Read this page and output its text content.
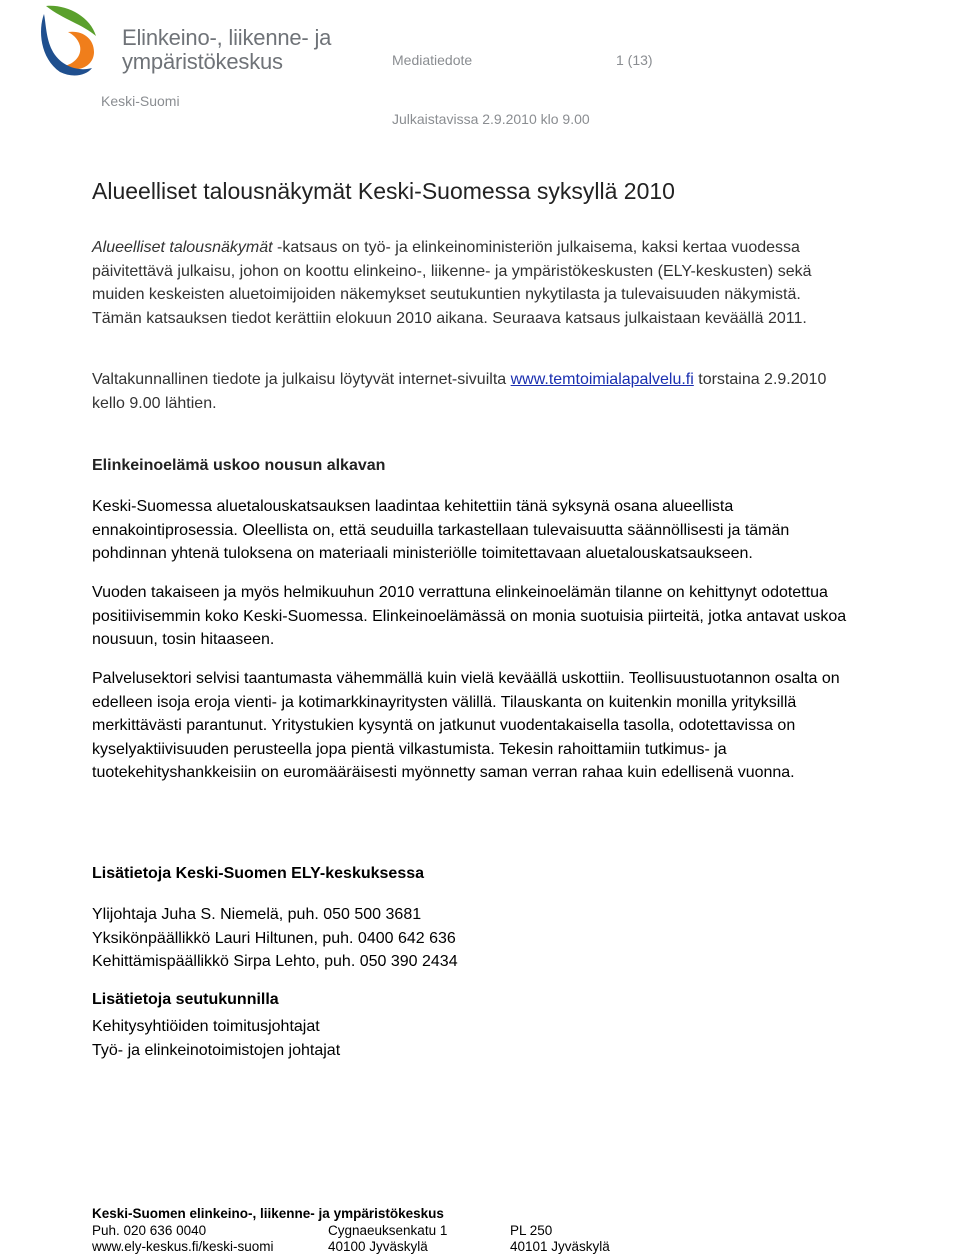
Elinkeino-, liikenne- ja
ympäristökeskus	Mediatiedote	1 (13)
Keski-Suomi
Julkaistavissa 2.9.2010 klo 9.00
Alueelliset talousnäkymät Keski-Suomessa syksyllä 2010

Alueelliset talousnäkymät -katsaus on työ- ja elinkeinoministeriön julkaisema, kaksi kertaa vuodessa päivitettävä julkaisu, johon on koottu elinkeino-, liikenne- ja ympäristökeskusten (ELY-keskusten) sekä muiden keskeisten aluetoimijoiden näkemykset seutukuntien nykytilasta ja tulevaisuuden näkymistä. Tämän katsauksen tiedot kerättiin elokuun 2010 aikana. Seuraava katsaus julkaistaan keväällä 2011.

Valtakunnallinen tiedote ja julkaisu löytyvät internet-sivuilta www.temtoimialapalvelu.fi torstaina 2.9.2010 kello 9.00 lähtien.

Elinkeinoelämä uskoo nousun alkavan

Keski-Suomessa aluetalouskatsauksen laadintaa kehitettiin tänä syksynä osana alueellista ennakointiprosessia. Oleellista on, että seuduilla tarkastellaan tulevaisuutta säännöllisesti ja tämän pohdinnan yhtenä tuloksena on materiaali ministeriölle toimitettavaan aluetalouskatsaukseen.

Vuoden takaiseen ja myös helmikuuhun 2010 verrattuna elinkeinoelämän tilanne on kehittynyt odotettua positiivisemmin koko Keski-Suomessa. Elinkeinoelämässä on monia suotuisia piirteitä, jotka antavat uskoa nousuun, tosin hitaaseen.

Palvelusektori selvisi taantumasta vähemmällä kuin vielä keväällä uskottiin. Teollisuustuotannon osalta on edelleen isoja eroja vienti- ja kotimarkkinayritysten välillä. Tilauskanta on kuitenkin monilla yrityksillä merkittävästi parantunut. Yritystukien kysyntä on jatkunut vuodentakaisella tasolla, odotettavissa on kyselyaktiivisuuden perusteella jopa pientä vilkastumista. Tekesin rahoittamiin tutkimus- ja tuotekehityshankkeisiin on euromääräisesti myönnetty saman verran rahaa kuin edellisenä vuonna.

Lisätietoja Keski-Suomen ELY-keskuksessa
Ylijohtaja Juha S. Niemelä, puh. 050 500 3681
Yksikönpäällikkö Lauri Hiltunen, puh. 0400 642 636
Kehittämispäällikkö Sirpa Lehto, puh. 050 390 2434
Lisätietoja seutukunnilla
Kehitysyhtiöiden toimitusjohtajat
Työ- ja elinkeinotoimistojen johtajat
Keski-Suomen elinkeino-, liikenne- ja ympäristökeskus
Puh. 020 636 0040	Cygnaeuksenkatu 1	PL 250
www.ely-keskus.fi/keski-suomi	40100 Jyväskylä	40101 Jyväskylä
